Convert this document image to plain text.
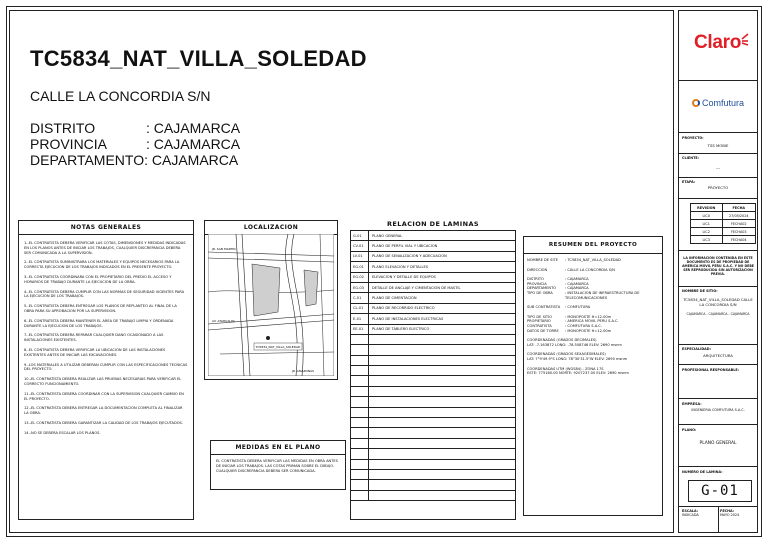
TC5834_NAT_VILLA_SOLEDAD
CALLE LA CONCORDIA S/N
DISTRITO	: CAJAMARCA
PROVINCIA	: CAJAMARCA
DEPARTAMENTO: CAJAMARCA
NOTAS GENERALES

1.-EL CONTRATISTA DEBERA VERIFICAR LAS COTAS, DIMENSIONES Y MEDIDAS INDICADAS EN LOS PLANOS ANTES DE INICIAR LOS TRABAJOS, CUALQUIER DISCREPANCIA DEBERA SER COMUNICADA A LA SUPERVISION.

2.-EL CONTRATISTA SUMINISTRARA LOS MATERIALES Y EQUIPOS NECESARIOS PARA LA CORRECTA EJECUCION DE LOS TRABAJOS INDICADOS EN EL PRESENTE PROYECTO.

3.-EL CONTRATISTA COORDINARA CON EL PROPIETARIO DEL PREDIO EL ACCESO Y HORARIOS DE TRABAJO DURANTE LA EJECUCION DE LA OBRA.

4.-EL CONTRATISTA DEBERA CUMPLIR CON LAS NORMAS DE SEGURIDAD VIGENTES PARA LA EJECUCION DE LOS TRABAJOS.

5.-EL CONTRATISTA DEBERA ENTREGAR LOS PLANOS DE REPLANTEO AL FINAL DE LA OBRA PARA SU APROBACION POR LA SUPERVISION.

6.-EL CONTRATISTA DEBERA MANTENER EL AREA DE TRABAJO LIMPIA Y ORDENADA DURANTE LA EJECUCION DE LOS TRABAJOS.

7.-EL CONTRATISTA DEBERA REPARAR CUALQUIER DANO OCASIONADO A LAS INSTALACIONES EXISTENTES.

8.-EL CONTRATISTA DEBERA VERIFICAR LA UBICACION DE LAS INSTALACIONES EXISTENTES ANTES DE INICIAR LAS EXCAVACIONES.

9.-LOS MATERIALES A UTILIZAR DEBERAN CUMPLIR CON LAS ESPECIFICACIONES TECNICAS DEL PROYECTO.

10.-EL CONTRATISTA DEBERA REALIZAR LAS PRUEBAS NECESARIAS PARA VERIFICAR EL CORRECTO FUNCIONAMIENTO.

11.-EL CONTRATISTA DEBERA COORDINAR CON LA SUPERVISION CUALQUIER CAMBIO EN EL PROYECTO.

12.-EL CONTRATISTA DEBERA ENTREGAR LA DOCUMENTACION COMPLETA AL FINALIZAR LA OBRA.

13.-EL CONTRATISTA DEBERA GARANTIZAR LA CALIDAD DE LOS TRABAJOS EJECUTADOS.

14.-NO SE DEBERA ESCALAR LOS PLANOS.

LOCALIZACION
TC5834_NAT_VILLA_SOLEDAD
JR. SAN MARTIN
AV. ATAHUALPA
JR. AMAZONAS
MEDIDAS EN EL PLANO
EL CONTRATISTA DEBERA VERIFICAR LAS MEDIDAS EN OBRA ANTES DE INICIAR LOS TRABAJOS. LAS COTAS PRIMAN SOBRE EL DIBUJO. CUALQUIER DISCREPANCIA DEBERA SER COMUNICADA.
RELACION DE LAMINAS
G-01	PLANO GENERAL
CV-01	PLANO DE PERFIL VIAL Y UBICACION
LV-01	PLANO DE SENALIZACION Y ADECUACION
EG-01	PLANO ELEVACION Y DETALLES
EG-02	ELEVACION Y DETALLE DE EQUIPOS
EG-03	DETALLE DE ANCLAJE Y CIMENTACION DE MASTIL
C-01	PLANO DE CIMENTACION
CL-01	PLANO DE RECORRIDO ELECTRICO
E-01	PLANO DE INSTALACIONES ELECTRICAS
EE-01	PLANO DE TABLERO ELECTRICO
RESUMEN DEL PROYECTO
NOMBRE DE SITE	: TC5834_NAT_VILLA_SOLEDAD
DIRECCION	: CALLE LA CONCORDIA S/N
DISTRITO	: CAJAMARCA
PROVINCIA	: CAJAMARCA
DEPARTAMENTO	: CAJAMARCA
TIPO DE OBRA	: INSTALACION DE INFRAESTRUCTURA DE TELECOMUNICACIONES
SUB CONTRATISTA	: COMFUTURA
TIPO DE SITIO	: MONOPOSTE H=12.00m
PROPIETARIO	: AMERICA MOVIL PERU S.A.C.
CONTRATISTA	: COMFUTURA S.A.C.
DATOS DE TORRE	: MONOPOSTE H=12.00m
COORDENADAS (GRADOS DECIMALES)
LAT: -7.163872 LONG: -78.508746 ELEV: 2690 msnm
COORDENADAS (GRADOS SEXAGESIMALES)
LAT: 7°9'49.9"S LONG: 78°30'31.5"W ELEV: 2690 msnm
COORDENADAS UTM (WGS84) - ZONA 17S
ESTE: 775160.00 NORTE: 9207237.00 ELEV: 2690 msnm
Claro
Comfutura
PROYECTO:
TSS MOBIE
CLIENTE:
---
ETAPA:
PROYECTO
REVISION	FECHA
LIC0	27/05/2024
LIC1	FECHA02
LIC2	FECHA03
LIC3	FECHA04
LA INFORMACION CONTENIDA EN ESTE DOCUMENTO ES DE PROPIEDAD DE AMERICA MOVIL PERU S.A.C. Y NO DEBE SER REPRODUCIDA SIN AUTORIZACION PREVIA.
NOMBRE DE SITIO:
TC5834_NAT_VILLA_SOLEDAD CALLE LA CONCORDIA S/N
CAJAMARCA - CAJAMARCA - CAJAMARCA
ESPECIALIDAD:
ARQUITECTURA
PROFESIONAL RESPONSABLE:
EMPRESA:
INGENIERIA COMFUTURA S.A.C.
PLANO:
PLANO GENERAL
NUMERO DE LAMINA:
G-01
ESCALA:
INDICADA
FECHA:
MAYO 2024
